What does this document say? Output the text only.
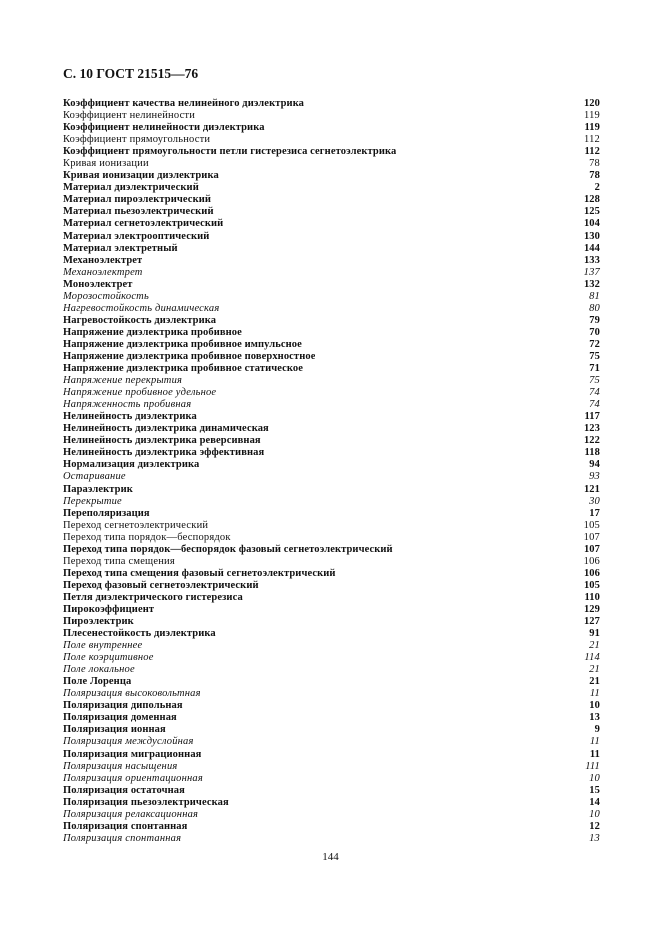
С. 10 ГОСТ 21515—76
Коэффициент качества нелинейного диэлектрика	120
Коэффициент нелинейности	119
Коэффициент нелинейности диэлектрика	119
Коэффициент прямоугольности	112
Коэффициент прямоугольности петли гистерезиса сегнетоэлектрика	112
Кривая ионизации	78
Кривая ионизации диэлектрика	78
Материал диэлектрический	2
Материал пироэлектрический	128
Материал пьезоэлектрический	125
Материал сегнетоэлектрический	104
Материал электрооптический	130
Материал электретный	144
Механоэлектрет	133
Механоэлектрет	137
Моноэлектрет	132
Морозостойкость	81
Нагревостойкость динамическая	80
Нагревостойкость диэлектрика	79
Напряжение диэлектрика пробивное	70
Напряжение диэлектрика пробивное импульсное	72
Напряжение диэлектрика пробивное поверхностное	75
Напряжение диэлектрика пробивное статическое	71
Напряжение перекрытия	75
Напряжение пробивное удельное	74
Напряженность пробивная	74
Нелинейность диэлектрика	117
Нелинейность диэлектрика динамическая	123
Нелинейность диэлектрика реверсивная	122
Нелинейность диэлектрика эффективная	118
Нормализация диэлектрика	94
Остаривание	93
Параэлектрик	121
Перекрытие	30
Переполяризация	17
Переход сегнетоэлектрический	105
Переход типа порядок—беспорядок	107
Переход типа порядок—беспорядок фазовый сегнетоэлектрический	107
Переход типа смещения	106
Переход типа смещения фазовый сегнетоэлектрический	106
Переход фазовый сегнетоэлектрический	105
Петля диэлектрического гистерезиса	110
Пирокоэффициент	129
Пироэлектрик	127
Плесенестойкость диэлектрика	91
Поле внутреннее	21
Поле коэрцитивное	114
Поле локальное	21
Поле Лоренца	21
Поляризация высоковольтная	11
Поляризация дипольная	10
Поляризация доменная	13
Поляризация ионная	9
Поляризация междуслойная	11
Поляризация миграционная	11
Поляризация насыщения	111
Поляризация ориентационная	10
Поляризация остаточная	15
Поляризация пьезоэлектрическая	14
Поляризация релаксационная	10
Поляризация спонтанная	12
Поляризация спонтанная	13
144
